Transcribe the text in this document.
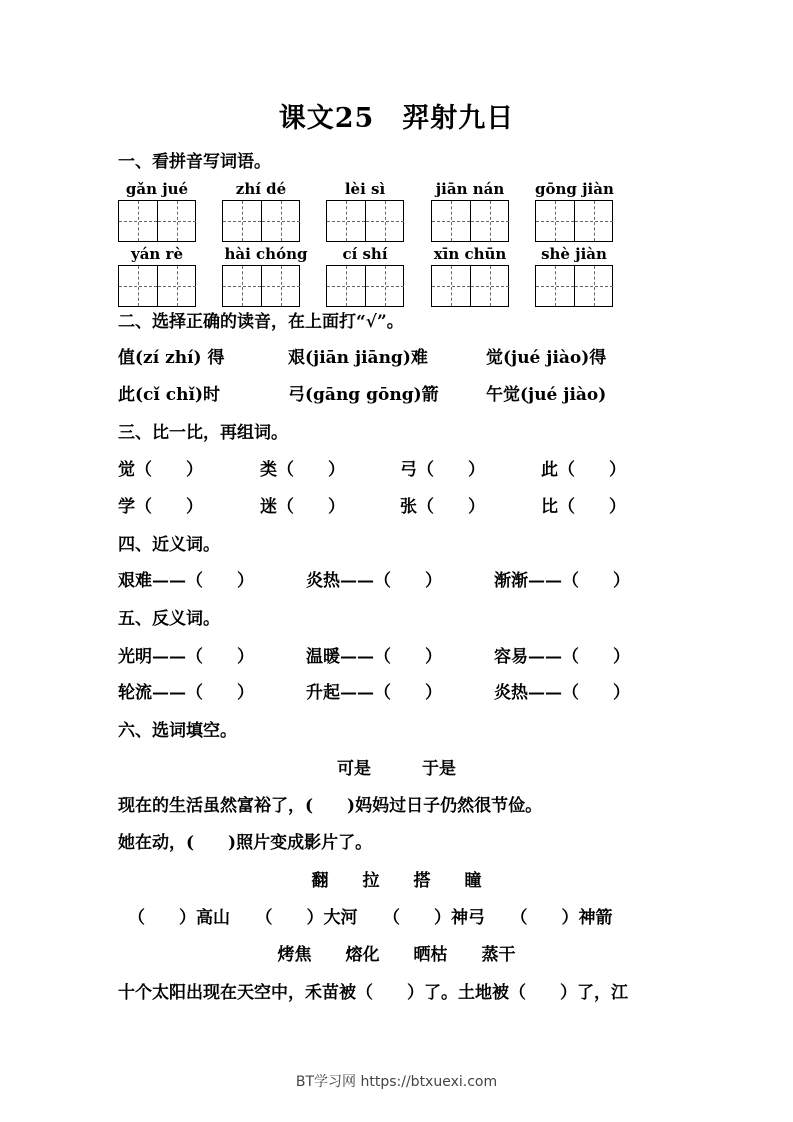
课文25　羿射九日
一、看拼音写词语。
gǎn jué	zhí dé	lèi sì	jiān nán	gōng jiàn
yán rè	hài chóng	cí shí	xīn chūn	shè jiàn
二、选择正确的读音，在上面打“√”。
值(zí zhí) 得	艰(jiān jiāng)难	觉(jué jiào)得
此(cǐ chǐ)时	弓(gāng gōng)箭	午觉(jué jiào)
三、比一比，再组词。
觉（　　）	类（　　）	弓（　　）	此（　　）
学（　　）	迷（　　）	张（　　）	比（　　）
四、近义词。
艰难——（　　）	炎热——（　　）	渐渐——（　　）
五、反义词。
光明——（　　）	温暖——（　　）	容易——（　　）
轮流——（　　）	升起——（　　）	炎热——（　　）
六、选词填空。
可是　　　于是
现在的生活虽然富裕了，(　　)妈妈过日子仍然很节俭。
她在动，(　　)照片变成影片了。
翻　　拉　　搭　　瞳
（　　）高山　　（　　）大河　　（　　）神弓　　（　　）神箭
烤焦　　熔化　　晒枯　　蒸干
十个太阳出现在天空中，禾苗被（　　）了。土地被（　　）了，江
BT学习网 https://btxuexi.com
